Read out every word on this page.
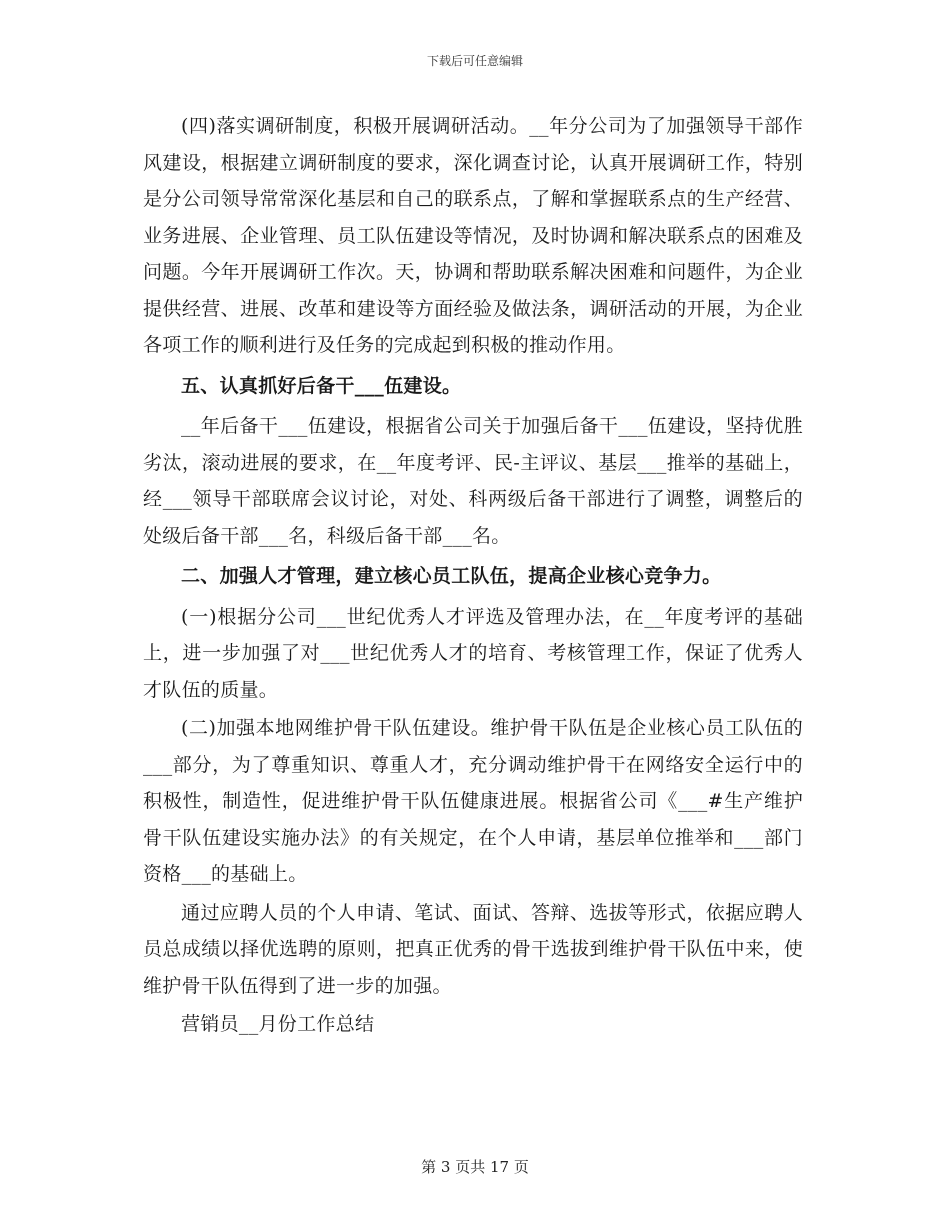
下载后可任意编辑

(四)落实调研制度，积极开展调研活动。__年分公司为了加强领导干部作风建设，根据建立调研制度的要求，深化调查讨论，认真开展调研工作，特别是分公司领导常常深化基层和自己的联系点，了解和掌握联系点的生产经营、业务进展、企业管理、员工队伍建设等情况，及时协调和解决联系点的困难及问题。今年开展调研工作次。天，协调和帮助联系解决困难和问题件，为企业提供经营、进展、改革和建设等方面经验及做法条，调研活动的开展，为企业各项工作的顺利进行及任务的完成起到积极的推动作用。

五、认真抓好后备干___伍建设。

__年后备干___伍建设，根据省公司关于加强后备干___伍建设，坚持优胜劣汰，滚动进展的要求，在__年度考评、民-主评议、基层___推举的基础上，经___领导干部联席会议讨论，对处、科两级后备干部进行了调整，调整后的处级后备干部___名，科级后备干部___名。

二、加强人才管理，建立核心员工队伍，提高企业核心竞争力。

(一)根据分公司___世纪优秀人才评选及管理办法，在__年度考评的基础上，进一步加强了对___世纪优秀人才的培育、考核管理工作，保证了优秀人才队伍的质量。

(二)加强本地网维护骨干队伍建设。维护骨干队伍是企业核心员工队伍的___部分，为了尊重知识、尊重人才，充分调动维护骨干在网络安全运行中的积极性，制造性，促进维护骨干队伍健康进展。根据省公司《___#生产维护骨干队伍建设实施办法》的有关规定，在个人申请，基层单位推举和___部门资格___的基础上。

通过应聘人员的个人申请、笔试、面试、答辩、选拔等形式，依据应聘人员总成绩以择优选聘的原则，把真正优秀的骨干选拔到维护骨干队伍中来，使维护骨干队伍得到了进一步的加强。

营销员__月份工作总结

第 3 页共 17 页
